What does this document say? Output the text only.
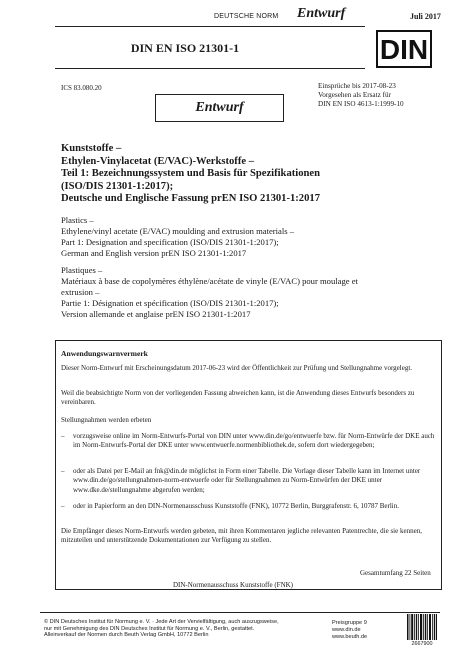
DEUTSCHE NORM Entwurf	Juli 2017
DIN EN ISO 21301-1	DIN
ICS 83.080.20	Einsprüche bis 2017-08-23
Vorgesehen als Ersatz für
DIN EN ISO 4613-1:1999-10
Entwurf
Kunststoffe –
Ethylen-Vinylacetat (E/VAC)-Werkstoffe –
Teil 1: Bezeichnungssystem und Basis für Spezifikationen
(ISO/DIS 21301-1:2017);
Deutsche und Englische Fassung prEN ISO 21301-1:2017
Plastics –
Ethylene/vinyl acetate (E/VAC) moulding and extrusion materials –
Part 1: Designation and specification (ISO/DIS 21301-1:2017);
German and English version prEN ISO 21301-1:2017
Plastiques –
Matériaux à base de copolymères éthylène/acétate de vinyle (E/VAC) pour moulage et
extrusion –
Partie 1: Désignation et spécification (ISO/DIS 21301-1:2017);
Version allemande et anglaise prEN ISO 21301-1:2017
Anwendungswarnvermerk
Dieser Norm-Entwurf mit Erscheinungsdatum 2017-06-23 wird der Öffentlichkeit zur Prüfung und Stellungnahme vorgelegt.
Weil die beabsichtigte Norm von der vorliegenden Fassung abweichen kann, ist die Anwendung dieses Entwurfs besonders zu vereinbaren.
Stellungnahmen werden erbeten
–	vorzugsweise online im Norm-Entwurfs-Portal von DIN unter www.din.de/go/entwuerfe bzw. für Norm-Entwürfe der DKE auch im Norm-Entwurfs-Portal der DKE unter www.entwuerfe.normenbibliothek.de, sofern dort wiedergegeben;
–	oder als Datei per E-Mail an fnk@din.de möglichst in Form einer Tabelle. Die Vorlage dieser Tabelle kann im Internet unter www.din.de/go/stellungnahmen-norm-entwuerfe oder für Stellungnahmen zu Norm-Entwürfen der DKE unter www.dke.de/stellungnahme abgerufen werden;
–	oder in Papierform an den DIN-Normenausschuss Kunststoffe (FNK), 10772 Berlin, Burggrafenstr. 6, 10787 Berlin.
Die Empfänger dieses Norm-Entwurfs werden gebeten, mit ihren Kommentaren jegliche relevanten Patentrechte, die sie kennen, mitzuteilen und unterstützende Dokumentationen zur Verfügung zu stellen.
Gesamtumfang 22 Seiten
DIN-Normenausschuss Kunststoffe (FNK)
© DIN Deutsches Institut für Normung e. V. · Jede Art der Vervielfältigung, auch auszugsweise,
nur mit Genehmigung des DIN Deutsches Institut für Normung e. V., Berlin, gestattet.
Alleinverkauf der Normen durch Beuth Verlag GmbH, 10772 Berlin
Preisgruppe 9
www.din.de
www.beuth.de
2667900
